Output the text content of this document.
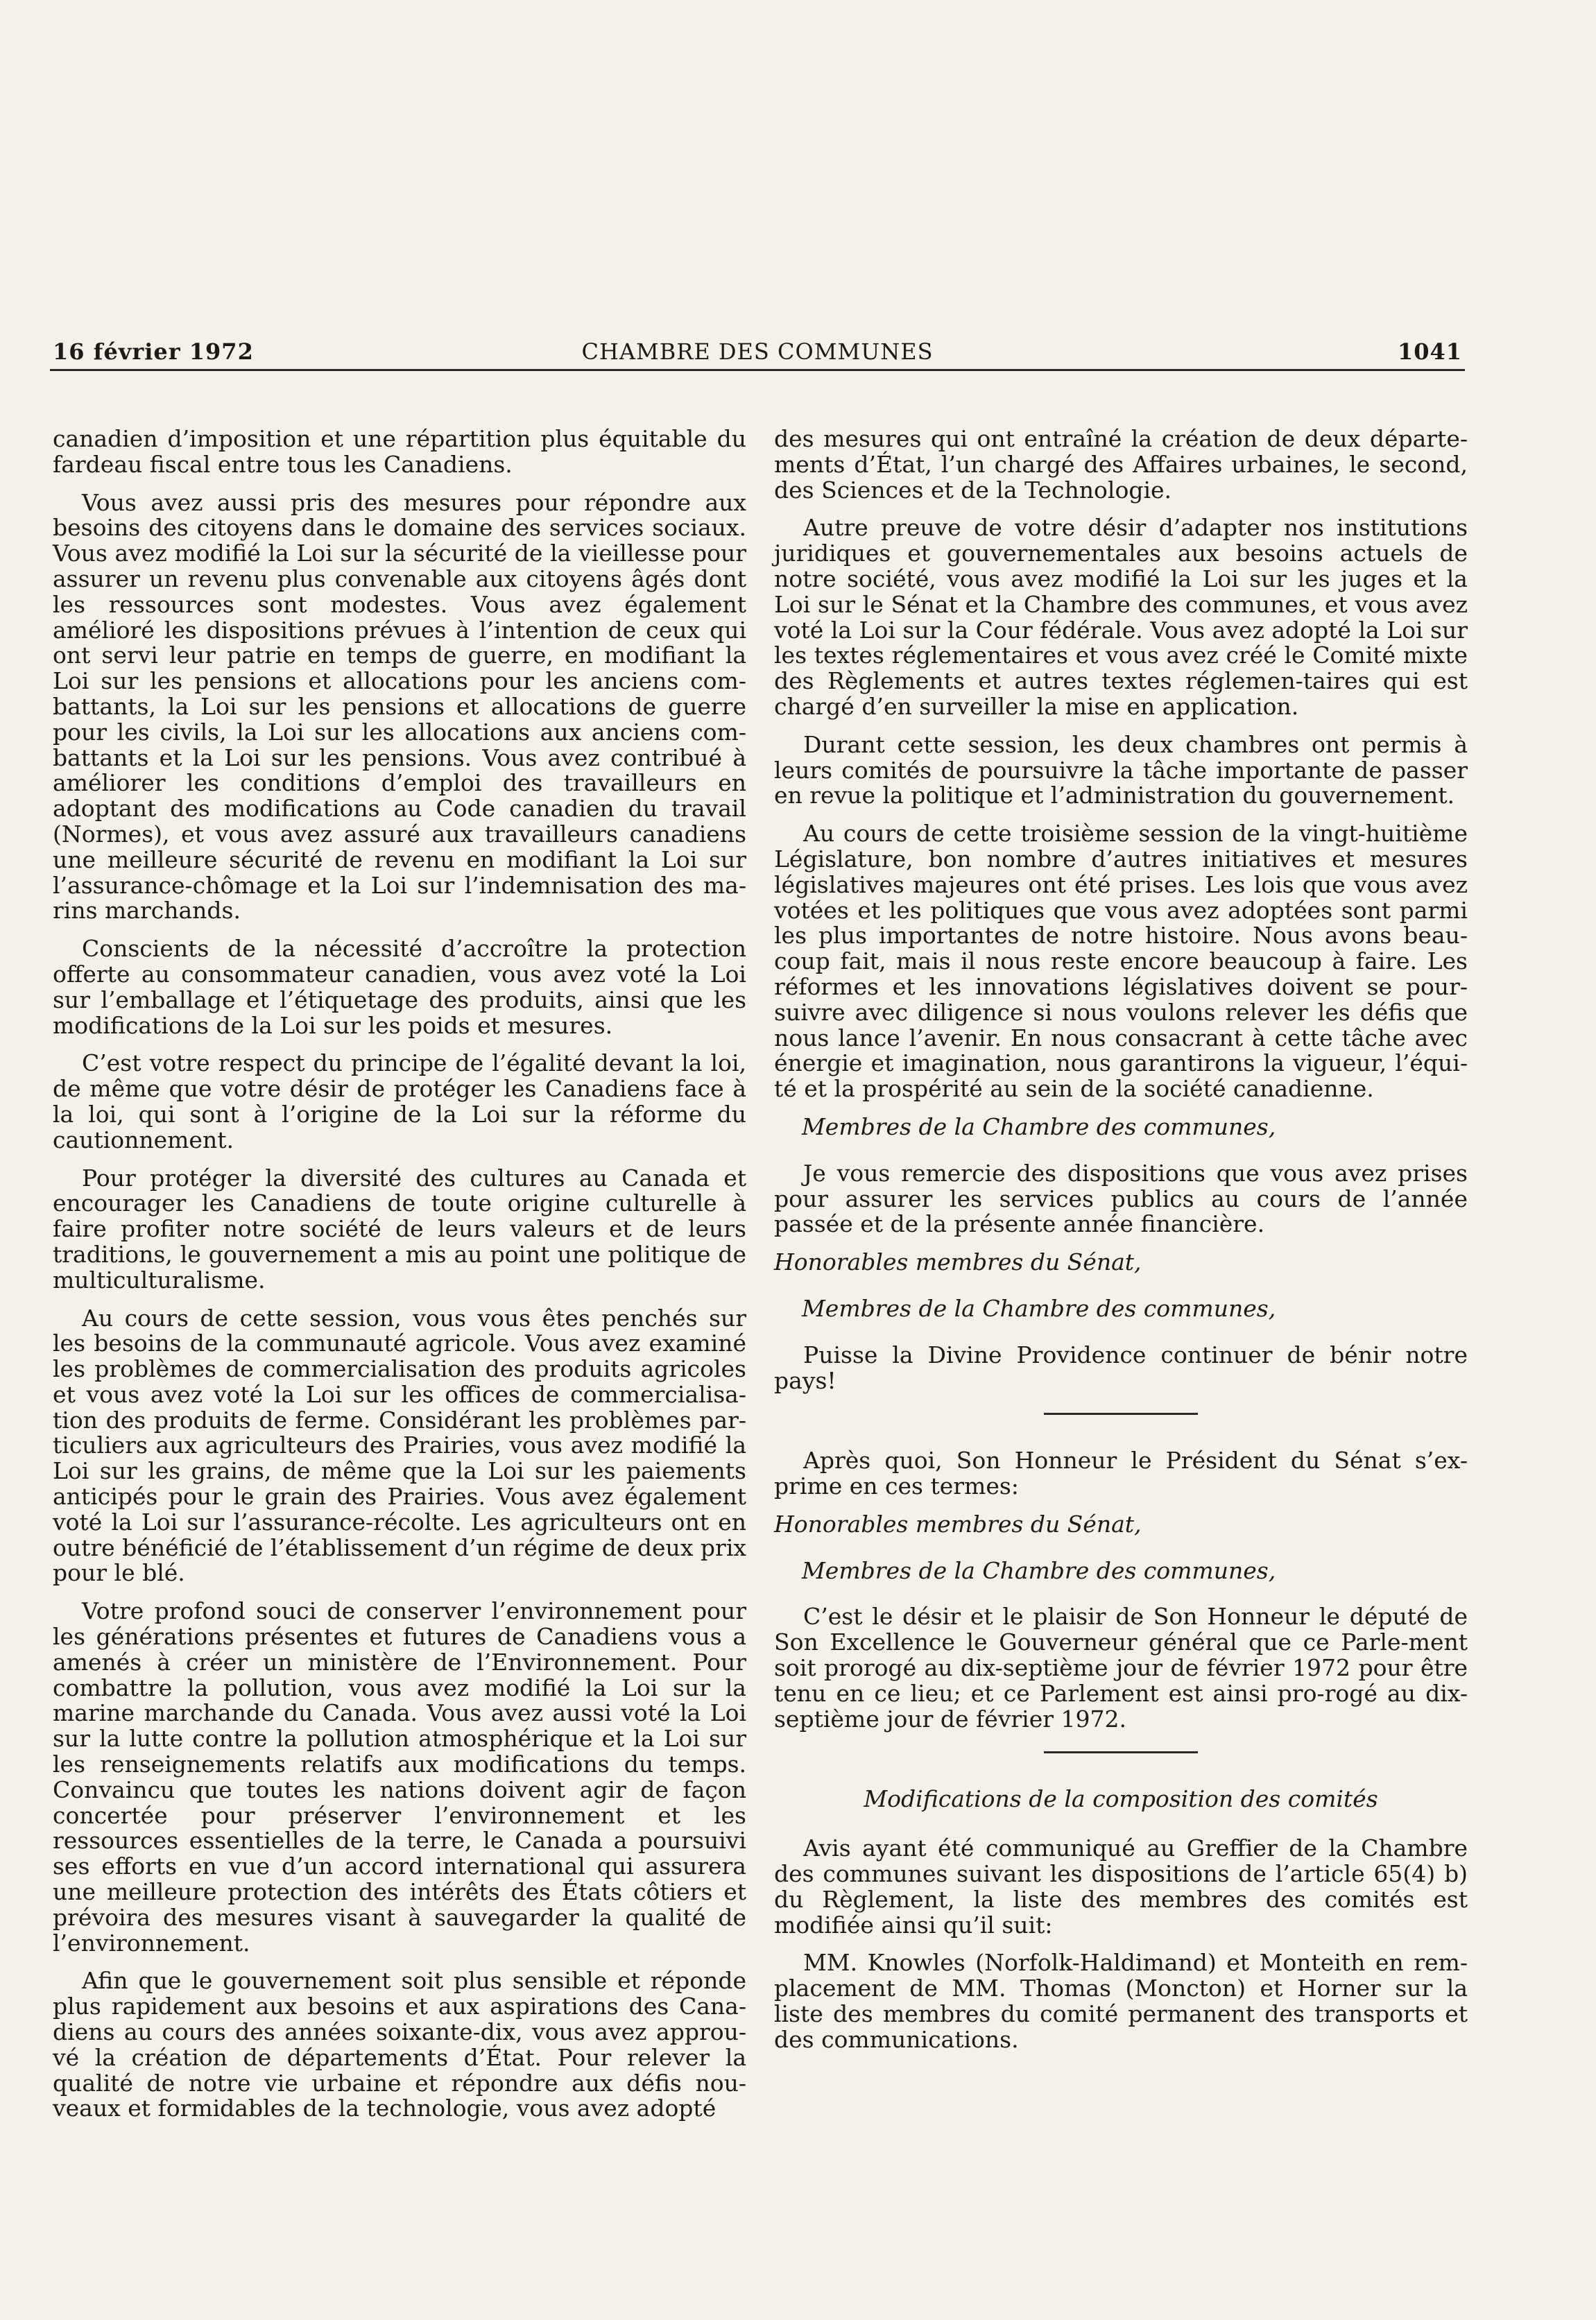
16 février 1972	CHAMBRE DES COMMUNES	1041

canadien d’imposition et une répartition plus équitable du fardeau fiscal entre tous les Canadiens.

Vous avez aussi pris des mesures pour répondre aux besoins des citoyens dans le domaine des services sociaux. Vous avez modifié la Loi sur la sécurité de la vieillesse pour assurer un revenu plus convenable aux citoyens âgés dont les ressources sont modestes. Vous avez également amélioré les dispositions prévues à l’intention de ceux qui ont servi leur patrie en temps de guerre, en modifiant la Loi sur les pensions et allocations pour les anciens com-battants, la Loi sur les pensions et allocations de guerre pour les civils, la Loi sur les allocations aux anciens com-battants et la Loi sur les pensions. Vous avez contribué à améliorer les conditions d’emploi des travailleurs en adoptant des modifications au Code canadien du travail (Normes), et vous avez assuré aux travailleurs canadiens une meilleure sécurité de revenu en modifiant la Loi sur l’assurance-chômage et la Loi sur l’indemnisation des ma-rins marchands.

Conscients de la nécessité d’accroître la protection offerte au consommateur canadien, vous avez voté la Loi sur l’emballage et l’étiquetage des produits, ainsi que les modifications de la Loi sur les poids et mesures.

C’est votre respect du principe de l’égalité devant la loi, de même que votre désir de protéger les Canadiens face à la loi, qui sont à l’origine de la Loi sur la réforme du cautionnement.

Pour protéger la diversité des cultures au Canada et encourager les Canadiens de toute origine culturelle à faire profiter notre société de leurs valeurs et de leurs traditions, le gouvernement a mis au point une politique de multiculturalisme.

Au cours de cette session, vous vous êtes penchés sur les besoins de la communauté agricole. Vous avez examiné les problèmes de commercialisation des produits agricoles et vous avez voté la Loi sur les offices de commercialisa-tion des produits de ferme. Considérant les problèmes par-ticuliers aux agriculteurs des Prairies, vous avez modifié la Loi sur les grains, de même que la Loi sur les paiements anticipés pour le grain des Prairies. Vous avez également voté la Loi sur l’assurance-récolte. Les agriculteurs ont en outre bénéficié de l’établissement d’un régime de deux prix pour le blé.

Votre profond souci de conserver l’environnement pour les générations présentes et futures de Canadiens vous a amenés à créer un ministère de l’Environnement. Pour combattre la pollution, vous avez modifié la Loi sur la marine marchande du Canada. Vous avez aussi voté la Loi sur la lutte contre la pollution atmosphérique et la Loi sur les renseignements relatifs aux modifications du temps. Convaincu que toutes les nations doivent agir de façon concertée pour préserver l’environnement et les ressources essentielles de la terre, le Canada a poursuivi ses efforts en vue d’un accord international qui assurera une meilleure protection des intérêts des États côtiers et prévoira des mesures visant à sauvegarder la qualité de l’environnement.

Afin que le gouvernement soit plus sensible et réponde plus rapidement aux besoins et aux aspirations des Cana-diens au cours des années soixante-dix, vous avez approu-vé la création de départements d’État. Pour relever la qualité de notre vie urbaine et répondre aux défis nou-veaux et formidables de la technologie, vous avez adopté

des mesures qui ont entraîné la création de deux départe-ments d’État, l’un chargé des Affaires urbaines, le second, des Sciences et de la Technologie.

Autre preuve de votre désir d’adapter nos institutions juridiques et gouvernementales aux besoins actuels de notre société, vous avez modifié la Loi sur les juges et la Loi sur le Sénat et la Chambre des communes, et vous avez voté la Loi sur la Cour fédérale. Vous avez adopté la Loi sur les textes réglementaires et vous avez créé le Comité mixte des Règlements et autres textes réglemen-taires qui est chargé d’en surveiller la mise en application.

Durant cette session, les deux chambres ont permis à leurs comités de poursuivre la tâche importante de passer en revue la politique et l’administration du gouvernement.

Au cours de cette troisième session de la vingt-huitième Législature, bon nombre d’autres initiatives et mesures législatives majeures ont été prises. Les lois que vous avez votées et les politiques que vous avez adoptées sont parmi les plus importantes de notre histoire. Nous avons beau-coup fait, mais il nous reste encore beaucoup à faire. Les réformes et les innovations législatives doivent se pour-suivre avec diligence si nous voulons relever les défis que nous lance l’avenir. En nous consacrant à cette tâche avec énergie et imagination, nous garantirons la vigueur, l’équi-té et la prospérité au sein de la société canadienne.

Membres de la Chambre des communes,

Je vous remercie des dispositions que vous avez prises pour assurer les services publics au cours de l’année passée et de la présente année financière.

Honorables membres du Sénat,

Membres de la Chambre des communes,

Puisse la Divine Providence continuer de bénir notre pays!

Après quoi, Son Honneur le Président du Sénat s’ex-prime en ces termes:

Honorables membres du Sénat,

Membres de la Chambre des communes,

C’est le désir et le plaisir de Son Honneur le député de Son Excellence le Gouverneur général que ce Parle-ment soit prorogé au dix-septième jour de février 1972 pour être tenu en ce lieu; et ce Parlement est ainsi pro-rogé au dix-septième jour de février 1972.

Modifications de la composition des comités

Avis ayant été communiqué au Greffier de la Chambre des communes suivant les dispositions de l’article 65(4) b) du Règlement, la liste des membres des comités est modifiée ainsi qu’il suit:

MM. Knowles (Norfolk-Haldimand) et Monteith en rem-placement de MM. Thomas (Moncton) et Horner sur la liste des membres du comité permanent des transports et des communications.
